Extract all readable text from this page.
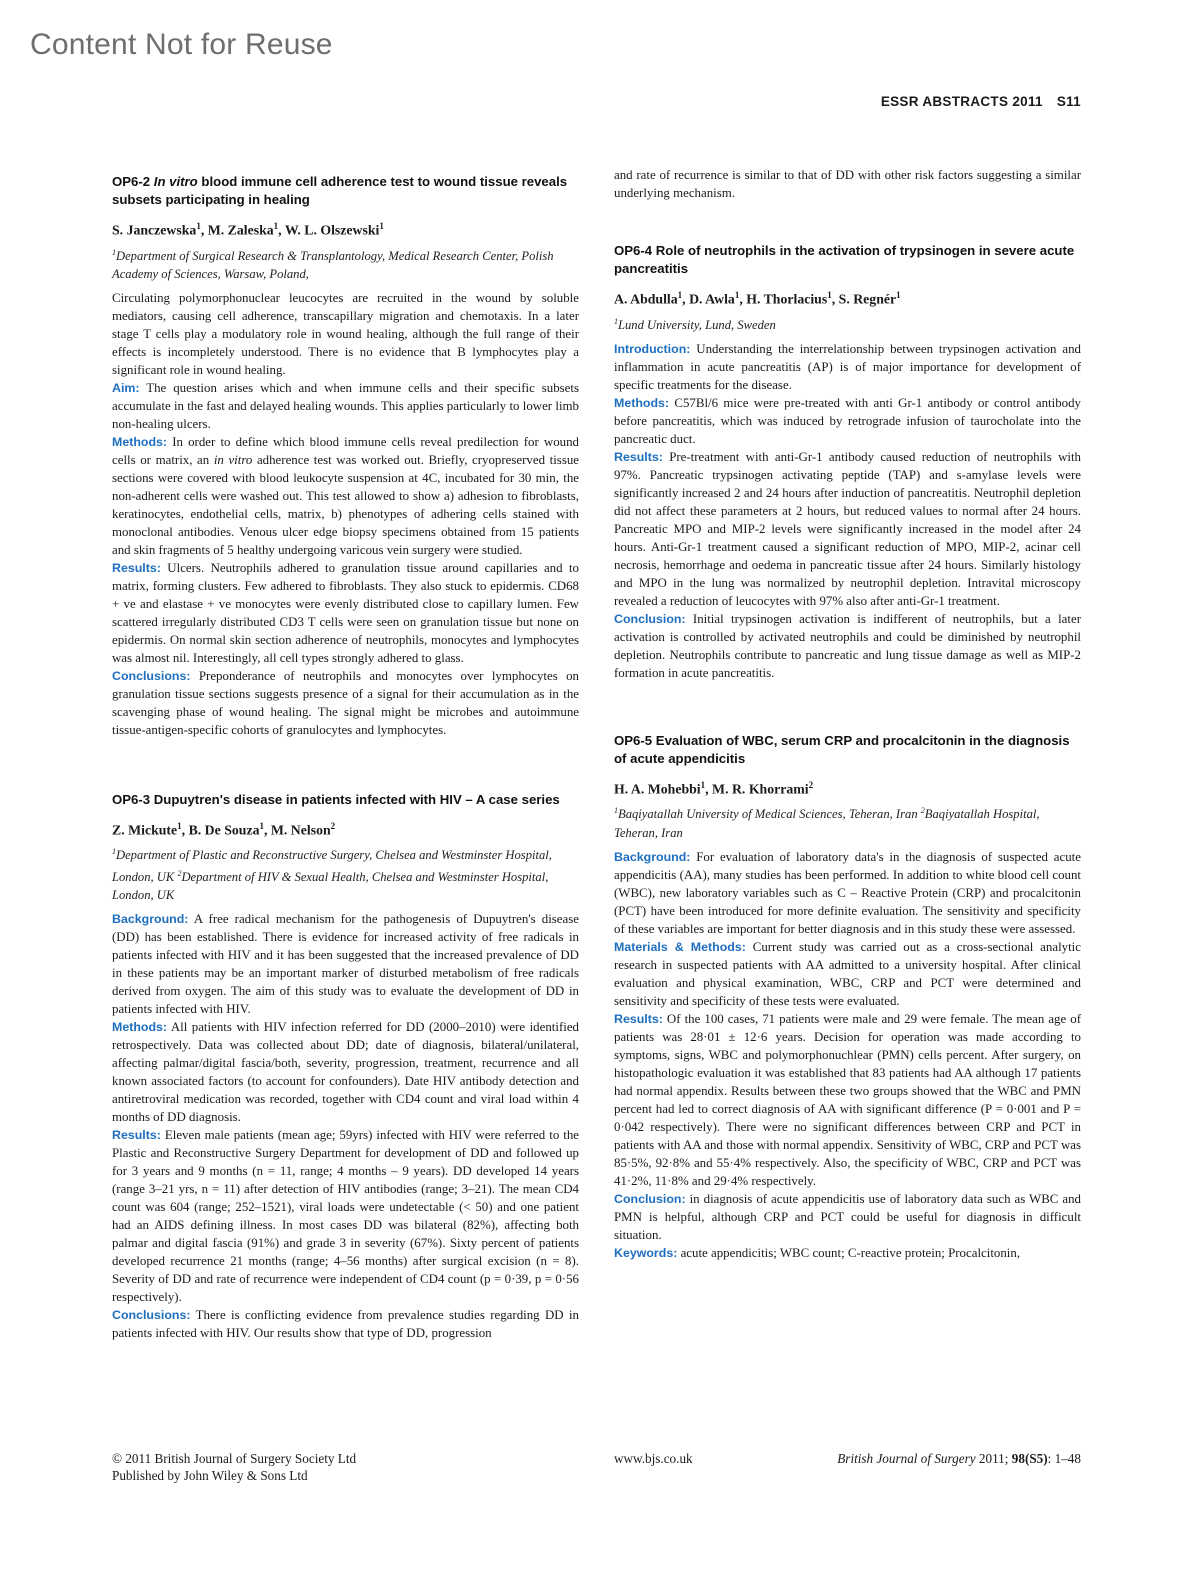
Content Not for Reuse
ESSR ABSTRACTS 2011 S11
OP6-2 In vitro blood immune cell adherence test to wound tissue reveals subsets participating in healing
S. Janczewska$^1$, M. Zaleska$^1$, W. L. Olszewski$^1$
$^1$Department of Surgical Research & Transplantology, Medical Research Center, Polish Academy of Sciences, Warsaw, Poland,
Circulating polymorphonuclear leucocytes are recruited in the wound by soluble mediators, causing cell adherence, transcapillary migration and chemotaxis. In a later stage T cells play a modulatory role in wound healing, although the full range of their effects is incompletely understood. There is no evidence that B lymphocytes play a significant role in wound healing.
Aim: The question arises which and when immune cells and their specific subsets accumulate in the fast and delayed healing wounds. This applies particularly to lower limb non-healing ulcers.
Methods: In order to define which blood immune cells reveal predilection for wound cells or matrix, an in vitro adherence test was worked out. Briefly, cryopreserved tissue sections were covered with blood leukocyte suspension at 4C, incubated for 30 min, the non-adherent cells were washed out. This test allowed to show a) adhesion to fibroblasts, keratinocytes, endothelial cells, matrix, b) phenotypes of adhering cells stained with monoclonal antibodies. Venous ulcer edge biopsy specimens obtained from 15 patients and skin fragments of 5 healthy undergoing varicous vein surgery were studied.
Results: Ulcers. Neutrophils adhered to granulation tissue around capillaries and to matrix, forming clusters. Few adhered to fibroblasts. They also stuck to epidermis. CD68 + ve and elastase + ve monocytes were evenly distributed close to capillary lumen. Few scattered irregularly distributed CD3 T cells were seen on granulation tissue but none on epidermis. On normal skin section adherence of neutrophils, monocytes and lymphocytes was almost nil. Interestingly, all cell types strongly adhered to glass.
Conclusions: Preponderance of neutrophils and monocytes over lymphocytes on granulation tissue sections suggests presence of a signal for their accumulation as in the scavenging phase of wound healing. The signal might be microbes and autoimmune tissue-antigen-specific cohorts of granulocytes and lymphocytes.
OP6-3 Dupuytren's disease in patients infected with HIV – A case series
Z. Mickute$^1$, B. De Souza$^1$, M. Nelson$^2$
$^1$Department of Plastic and Reconstructive Surgery, Chelsea and Westminster Hospital, London, UK $^2$Department of HIV & Sexual Health, Chelsea and Westminster Hospital, London, UK
Background: A free radical mechanism for the pathogenesis of Dupuytren's disease (DD) has been established. There is evidence for increased activity of free radicals in patients infected with HIV and it has been suggested that the increased prevalence of DD in these patients may be an important marker of disturbed metabolism of free radicals derived from oxygen. The aim of this study was to evaluate the development of DD in patients infected with HIV.
Methods: All patients with HIV infection referred for DD (2000–2010) were identified retrospectively. Data was collected about DD; date of diagnosis, bilateral/unilateral, affecting palmar/digital fascia/both, severity, progression, treatment, recurrence and all known associated factors (to account for confounders). Date HIV antibody detection and antiretroviral medication was recorded, together with CD4 count and viral load within 4 months of DD diagnosis.
Results: Eleven male patients (mean age; 59yrs) infected with HIV were referred to the Plastic and Reconstructive Surgery Department for development of DD and followed up for 3 years and 9 months (n = 11, range; 4 months – 9 years). DD developed 14 years (range 3–21 yrs, n = 11) after detection of HIV antibodies (range; 3–21). The mean CD4 count was 604 (range; 252–1521), viral loads were undetectable (< 50) and one patient had an AIDS defining illness. In most cases DD was bilateral (82%), affecting both palmar and digital fascia (91%) and grade 3 in severity (67%). Sixty percent of patients developed recurrence 21 months (range; 4–56 months) after surgical excision (n = 8). Severity of DD and rate of recurrence were independent of CD4 count (p = 0·39, p = 0·56 respectively).
Conclusions: There is conflicting evidence from prevalence studies regarding DD in patients infected with HIV. Our results show that type of DD, progression
and rate of recurrence is similar to that of DD with other risk factors suggesting a similar underlying mechanism.
OP6-4 Role of neutrophils in the activation of trypsinogen in severe acute pancreatitis
A. Abdulla$^1$, D. Awla$^1$, H. Thorlacius$^1$, S. Regnér$^1$
$^1$Lund University, Lund, Sweden
Introduction: Understanding the interrelationship between trypsinogen activation and inflammation in acute pancreatitis (AP) is of major importance for development of specific treatments for the disease.
Methods: C57Bl/6 mice were pre-treated with anti Gr-1 antibody or control antibody before pancreatitis, which was induced by retrograde infusion of taurocholate into the pancreatic duct.
Results: Pre-treatment with anti-Gr-1 antibody caused reduction of neutrophils with 97%. Pancreatic trypsinogen activating peptide (TAP) and s-amylase levels were significantly increased 2 and 24 hours after induction of pancreatitis. Neutrophil depletion did not affect these parameters at 2 hours, but reduced values to normal after 24 hours. Pancreatic MPO and MIP-2 levels were significantly increased in the model after 24 hours. Anti-Gr-1 treatment caused a significant reduction of MPO, MIP-2, acinar cell necrosis, hemorrhage and oedema in pancreatic tissue after 24 hours. Similarly histology and MPO in the lung was normalized by neutrophil depletion. Intravital microscopy revealed a reduction of leucocytes with 97% also after anti-Gr-1 treatment.
Conclusion: Initial trypsinogen activation is indifferent of neutrophils, but a later activation is controlled by activated neutrophils and could be diminished by neutrophil depletion. Neutrophils contribute to pancreatic and lung tissue damage as well as MIP-2 formation in acute pancreatitis.
OP6-5 Evaluation of WBC, serum CRP and procalcitonin in the diagnosis of acute appendicitis
H. A. Mohebbi$^1$, M. R. Khorrami$^2$
$^1$Baqiyatallah University of Medical Sciences, Teheran, Iran $^2$Baqiyatallah Hospital, Teheran, Iran
Background: For evaluation of laboratory data's in the diagnosis of suspected acute appendicitis (AA), many studies has been performed. In addition to white blood cell count (WBC), new laboratory variables such as C – Reactive Protein (CRP) and procalcitonin (PCT) have been introduced for more definite evaluation. The sensitivity and specificity of these variables are important for better diagnosis and in this study these were assessed.
Materials & Methods: Current study was carried out as a cross-sectional analytic research in suspected patients with AA admitted to a university hospital. After clinical evaluation and physical examination, WBC, CRP and PCT were determined and sensitivity and specificity of these tests were evaluated.
Results: Of the 100 cases, 71 patients were male and 29 were female. The mean age of patients was 28·01 ± 12·6 years. Decision for operation was made according to symptoms, signs, WBC and polymorphonuchlear (PMN) cells percent. After surgery, on histopathologic evaluation it was established that 83 patients had AA although 17 patients had normal appendix. Results between these two groups showed that the WBC and PMN percent had led to correct diagnosis of AA with significant difference (P = 0·001 and P = 0·042 respectively). There were no significant differences between CRP and PCT in patients with AA and those with normal appendix. Sensitivity of WBC, CRP and PCT was 85·5%, 92·8% and 55·4% respectively. Also, the specificity of WBC, CRP and PCT was 41·2%, 11·8% and 29·4% respectively.
Conclusion: in diagnosis of acute appendicitis use of laboratory data such as WBC and PMN is helpful, although CRP and PCT could be useful for diagnosis in difficult situation.
Keywords: acute appendicitis; WBC count; C-reactive protein; Procalcitonin,
© 2011 British Journal of Surgery Society Ltd
Published by John Wiley & Sons Ltd
www.bjs.co.uk	British Journal of Surgery 2011; 98(S5): 1–48
